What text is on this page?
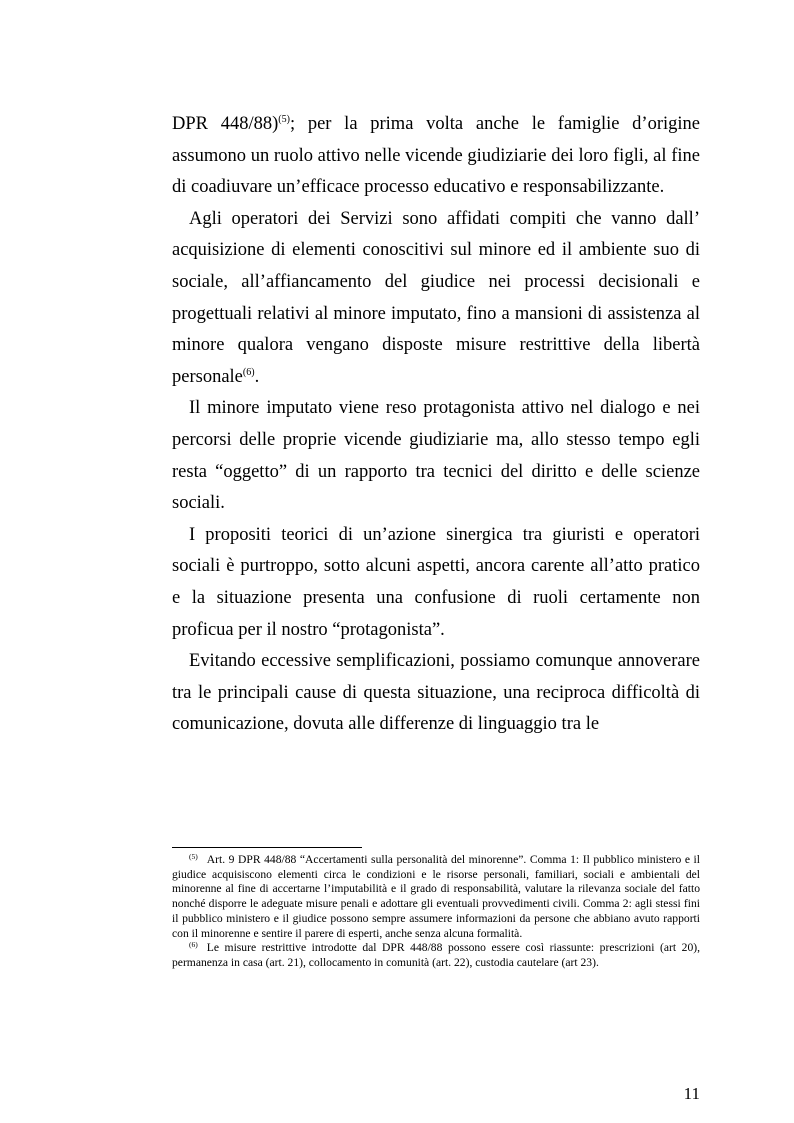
DPR 448/88)$^{(5)}$; per la prima volta anche le famiglie d’origine assumono un ruolo attivo nelle vicende giudiziarie dei loro figli, al fine di coadiuvare un’efficace processo educativo e responsabilizzante.

Agli operatori dei Servizi sono affidati compiti che vanno dall’ acquisizione di elementi conoscitivi sul minore ed il ambiente suo di sociale, all’affiancamento del giudice nei processi decisionali e progettuali relativi al minore imputato, fino a mansioni di assistenza al minore qualora vengano disposte misure restrittive della libertà personale$^{(6)}$.

Il minore imputato viene reso protagonista attivo nel dialogo e nei percorsi delle proprie vicende giudiziarie ma, allo stesso tempo egli resta “oggetto” di un rapporto tra tecnici del diritto e delle scienze sociali.

I propositi teorici di un’azione sinergica tra giuristi e operatori sociali è purtroppo, sotto alcuni aspetti, ancora carente all’atto pratico e la situazione presenta una confusione di ruoli certamente non proficua per il nostro “protagonista”.

Evitando eccessive semplificazioni, possiamo comunque annoverare tra le principali cause di questa situazione, una reciproca difficoltà di comunicazione, dovuta alle differenze di linguaggio tra le

$^{(5)}$ Art. 9 DPR 448/88 “Accertamenti sulla personalità del minorenne”. Comma 1: Il pubblico ministero e il giudice acquisiscono elementi circa le condizioni e le risorse personali, familiari, sociali e ambientali del minorenne al fine di accertarne l’imputabilità e il grado di responsabilità, valutare la rilevanza sociale del fatto nonché disporre le adeguate misure penali e adottare gli eventuali provvedimenti civili. Comma 2: agli stessi fini il pubblico ministero e il giudice possono sempre assumere informazioni da persone che abbiano avuto rapporti con il minorenne e sentire il parere di esperti, anche senza alcuna formalità.

$^{(6)}$ Le misure restrittive introdotte dal DPR 448/88 possono essere così riassunte: prescrizioni (art 20), permanenza in casa (art. 21), collocamento in comunità (art. 22), custodia cautelare (art 23).

11
